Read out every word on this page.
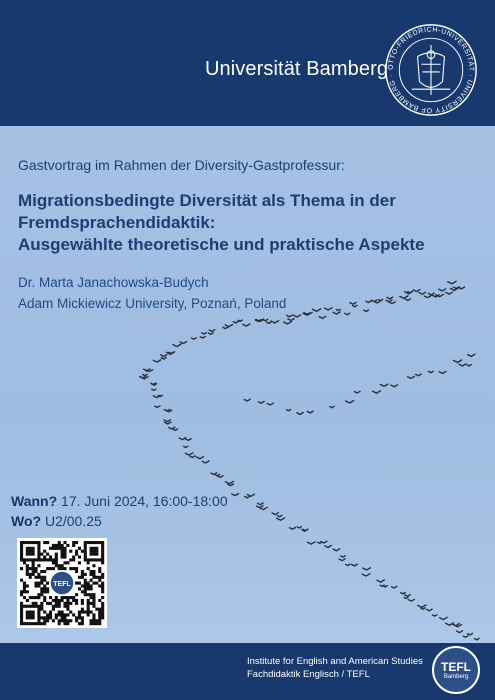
Universität Bamberg OTTO-FRIEDRICH-UNIVERSITÄT · UNIVERSITY OF BAMBERG ·
Gastvortrag im Rahmen der Diversity-Gastprofessur:
Migrationsbedingte Diversität als Thema in der
Fremdsprachendidaktik:
Ausgewählte theoretische und praktische Aspekte
Dr. Marta Janachowska-Budych
Adam Mickiewicz University, Poznań, Poland
Wann? 17. Juni 2024, 16:00-18:00
Wo? U2/00.25
TEFL
Institute for English and American Studies
Fachdidaktik Englisch / TEFL
TEFL
Bamberg
